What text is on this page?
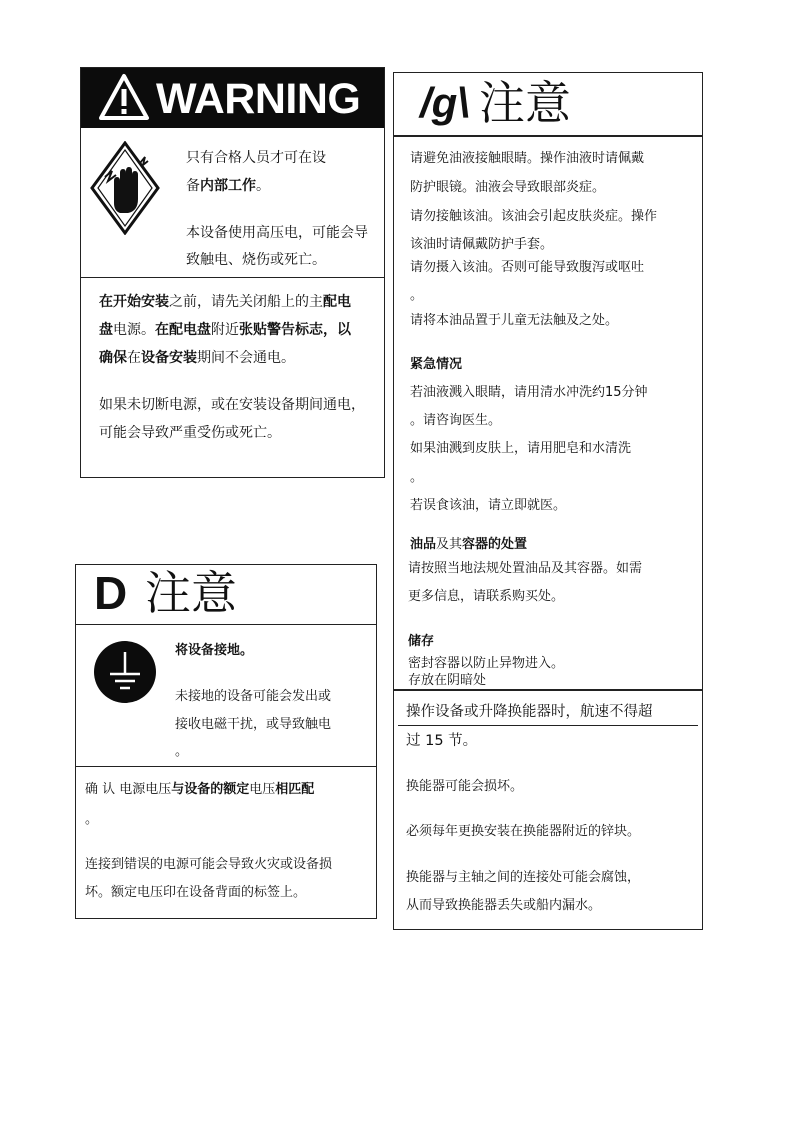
WARNING
只有合格人员才可在设
备内部工作。
本设备使用高压电，可能会导
致触电、烧伤或死亡。
在开始安装之前，请先关闭船上的主配电
盘电源。在配电盘附近张贴警告标志，以
确保在设备安装期间不会通电。
如果未切断电源，或在安装设备期间通电，
可能会导致严重受伤或死亡。
/g\ 注意
请避免油液接触眼睛。操作油液时请佩戴
防护眼镜。油液会导致眼部炎症。
请勿接触该油。该油会引起皮肤炎症。操作
该油时请佩戴防护手套。
请勿摄入该油。否则可能导致腹泻或呕吐
。
请将本油品置于儿童无法触及之处。
紧急情况
若油液溅入眼睛，请用清水冲洗约15分钟
。请咨询医生。
如果油溅到皮肤上，请用肥皂和水清洗
。
若误食该油，请立即就医。
油品及其容器的处置
请按照当地法规处置油品及其容器。如需
更多信息，请联系购买处。
储存
密封容器以防止异物进入。
存放在阴暗处
操作设备或升降换能器时，航速不得超
过 15 节。
换能器可能会损坏。
必须每年更换安装在换能器附近的锌块。
换能器与主轴之间的连接处可能会腐蚀，
从而导致换能器丢失或船内漏水。
D 注意
将设备接地。
未接地的设备可能会发出或
接收电磁干扰，或导致触电
。
确 认 电源电压与设备的额定电压相匹配
。
连接到错误的电源可能会导致火灾或设备损
坏。额定电压印在设备背面的标签上。
